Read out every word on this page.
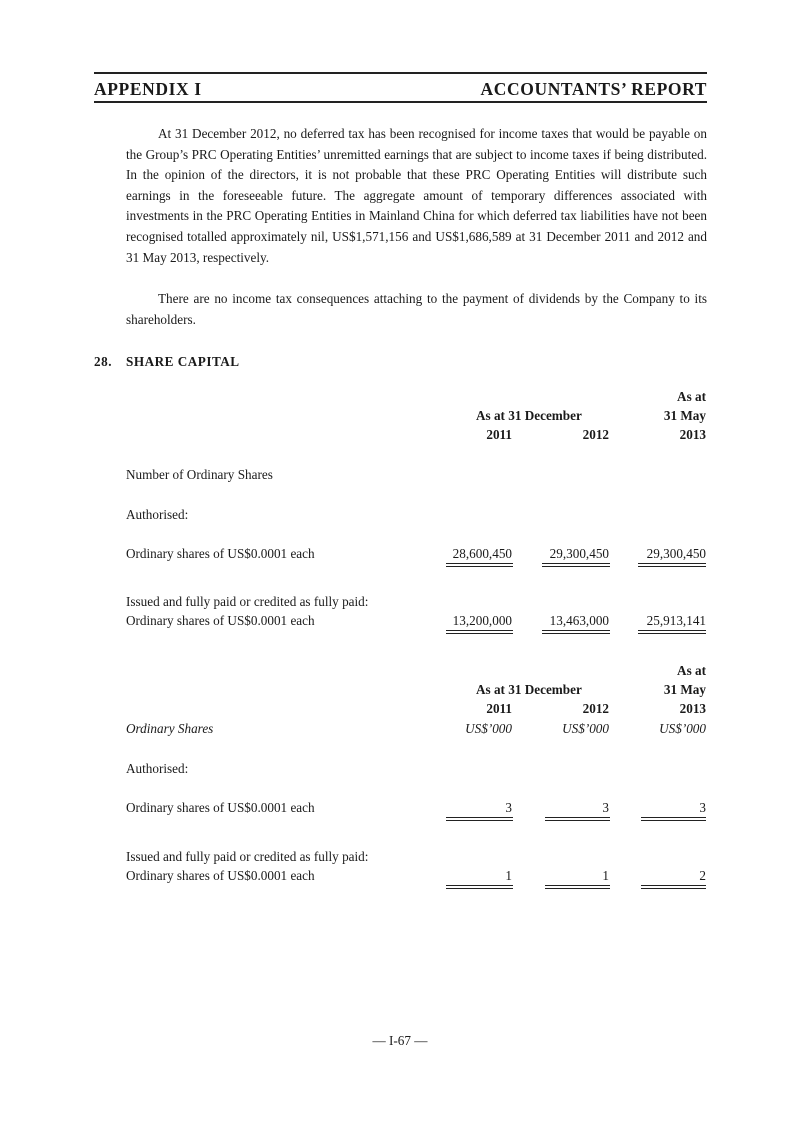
APPENDIX I	ACCOUNTANTS’ REPORT

At 31 December 2012, no deferred tax has been recognised for income taxes that would be payable on the Group’s PRC Operating Entities’ unremitted earnings that are subject to income taxes if being distributed. In the opinion of the directors, it is not probable that these PRC Operating Entities will distribute such earnings in the foreseeable future. The aggregate amount of temporary differences associated with investments in the PRC Operating Entities in Mainland China for which deferred tax liabilities have not been recognised totalled approximately nil, US$1,571,156 and US$1,686,589 at 31 December 2011 and 2012 and 31 May 2013, respectively.

There are no income tax consequences attaching to the payment of dividends by the Company to its shareholders.

28. SHARE CAPITAL
As at
As at 31 December	31 May
2011	2012	2013
Number of Ordinary Shares
Authorised:
Ordinary shares of US$0.0001 each	28,600,450	29,300,450	29,300,450
Issued and fully paid or credited as fully paid:
Ordinary shares of US$0.0001 each	13,200,000	13,463,000	25,913,141
As at
As at 31 December	31 May
2011	2012	2013
Ordinary Shares	US$’000	US$’000	US$’000
Authorised:
Ordinary shares of US$0.0001 each	3	3	3
Issued and fully paid or credited as fully paid:
Ordinary shares of US$0.0001 each	1	1	2
— I-67 —
